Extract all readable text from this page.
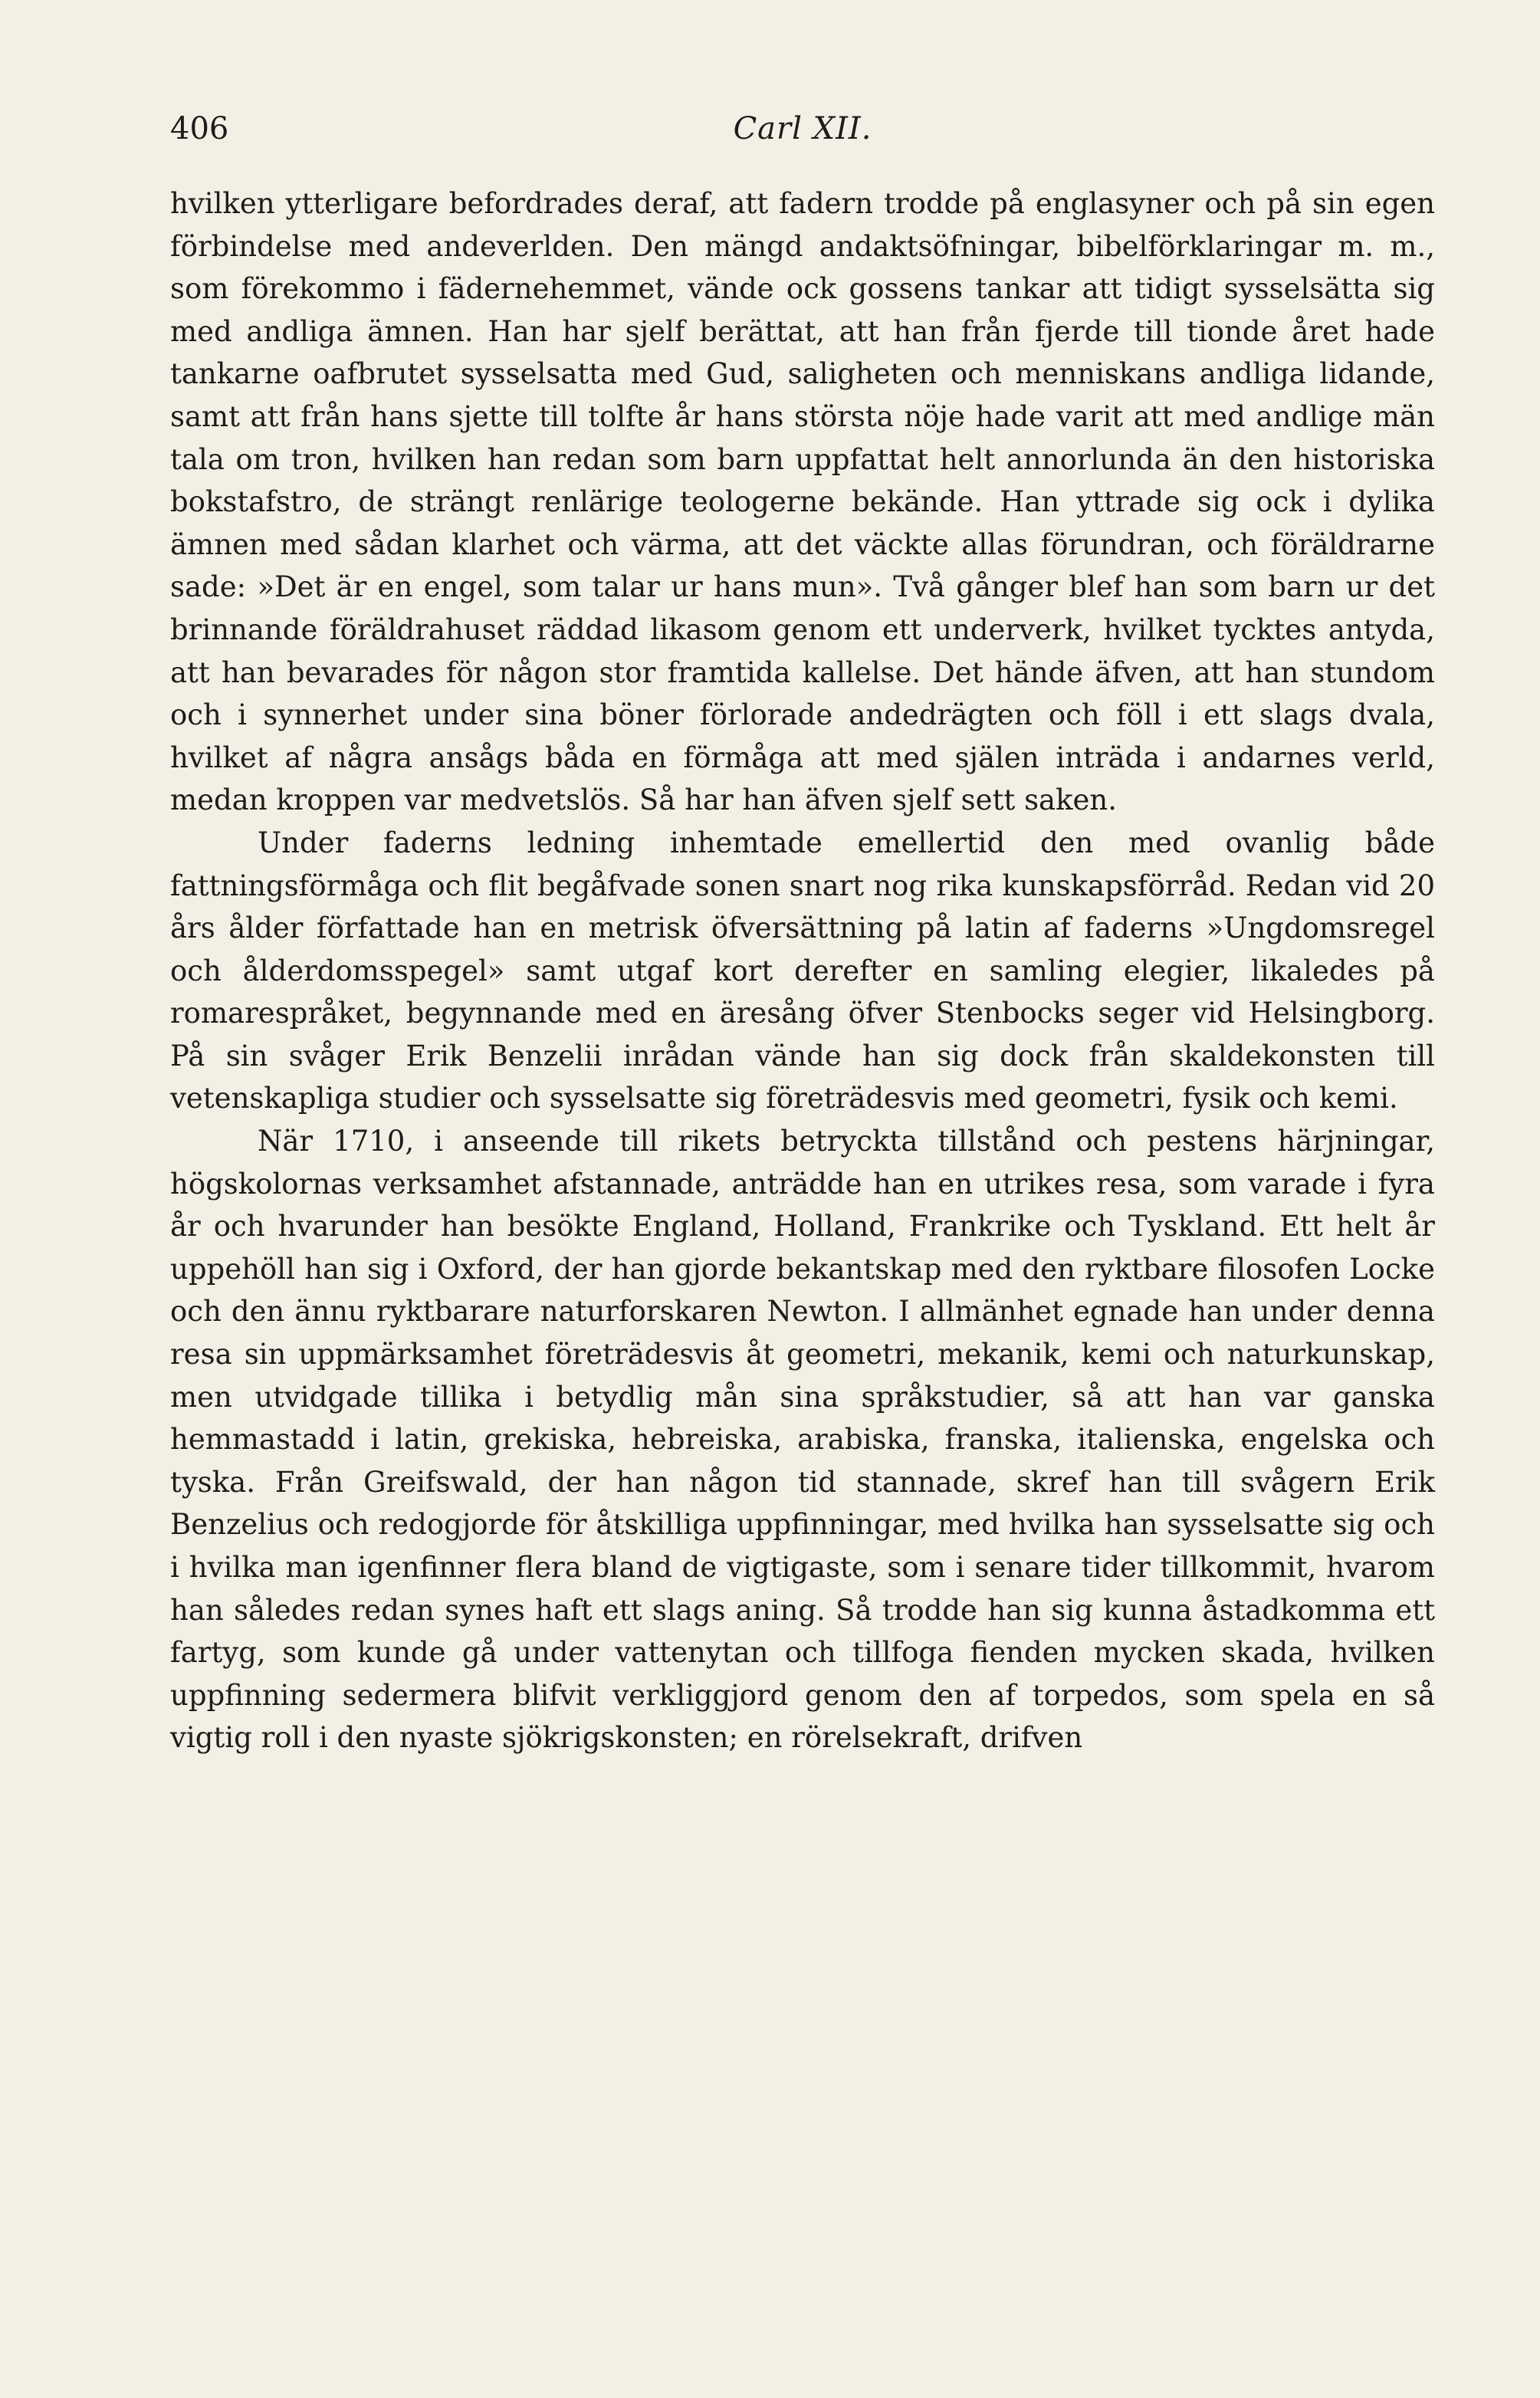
406	Carl XII.

hvilken ytterligare befordrades deraf, att fadern trodde på englasyner och på sin egen förbindelse med andeverlden. Den mängd andaktsöfningar, bibelförklaringar m. m., som förekommo i fädernehemmet, vände ock gossens tankar att tidigt sysselsätta sig med andliga ämnen. Han har sjelf berättat, att han från fjerde till tionde året hade tankarne oafbrutet sysselsatta med Gud, saligheten och menniskans andliga lidande, samt att från hans sjette till tolfte år hans största nöje hade varit att med andlige män tala om tron, hvilken han redan som barn uppfattat helt annorlunda än den historiska bokstafstro, de strängt renlärige teologerne bekände. Han yttrade sig ock i dylika ämnen med sådan klarhet och värma, att det väckte allas förundran, och föräldrarne sade: »Det är en engel, som talar ur hans mun». Två gånger blef han som barn ur det brinnande föräldrahuset räddad likasom genom ett underverk, hvilket tycktes antyda, att han bevarades för någon stor framtida kallelse. Det hände äfven, att han stundom och i synnerhet under sina böner förlorade andedrägten och föll i ett slags dvala, hvilket af några ansågs båda en förmåga att med själen inträda i andarnes verld, medan kroppen var medvetslös. Så har han äfven sjelf sett saken.

Under faderns ledning inhemtade emellertid den med ovanlig både fattningsförmåga och flit begåfvade sonen snart nog rika kunskapsförråd. Redan vid 20 års ålder författade han en metrisk öfversättning på latin af faderns »Ungdomsregel och ålderdomsspegel» samt utgaf kort derefter en samling elegier, likaledes på romarespråket, begynnande med en äresång öfver Stenbocks seger vid Helsingborg. På sin svåger Erik Benzelii inrådan vände han sig dock från skaldekonsten till vetenskapliga studier och sysselsatte sig företrädesvis med geometri, fysik och kemi.

När 1710, i anseende till rikets betryckta tillstånd och pestens härjningar, högskolornas verksamhet afstannade, anträdde han en utrikes resa, som varade i fyra år och hvarunder han besökte England, Holland, Frankrike och Tyskland. Ett helt år uppehöll han sig i Oxford, der han gjorde bekantskap med den ryktbare filosofen Locke och den ännu ryktbarare naturforskaren Newton. I allmänhet egnade han under denna resa sin uppmärksamhet företrädesvis åt geometri, mekanik, kemi och naturkunskap, men utvidgade tillika i betydlig mån sina språkstudier, så att han var ganska hemmastadd i latin, grekiska, hebreiska, arabiska, franska, italienska, engelska och tyska. Från Greifswald, der han någon tid stannade, skref han till svågern Erik Benzelius och redogjorde för åtskilliga uppfinningar, med hvilka han sysselsatte sig och i hvilka man igenfinner flera bland de vigtigaste, som i senare tider tillkommit, hvarom han således redan synes haft ett slags aning. Så trodde han sig kunna åstadkomma ett fartyg, som kunde gå under vattenytan och tillfoga fienden mycken skada, hvilken uppfinning sedermera blifvit verkliggjord genom den af torpedos, som spela en så vigtig roll i den nyaste sjökrigskonsten; en rörelsekraft, drifven
